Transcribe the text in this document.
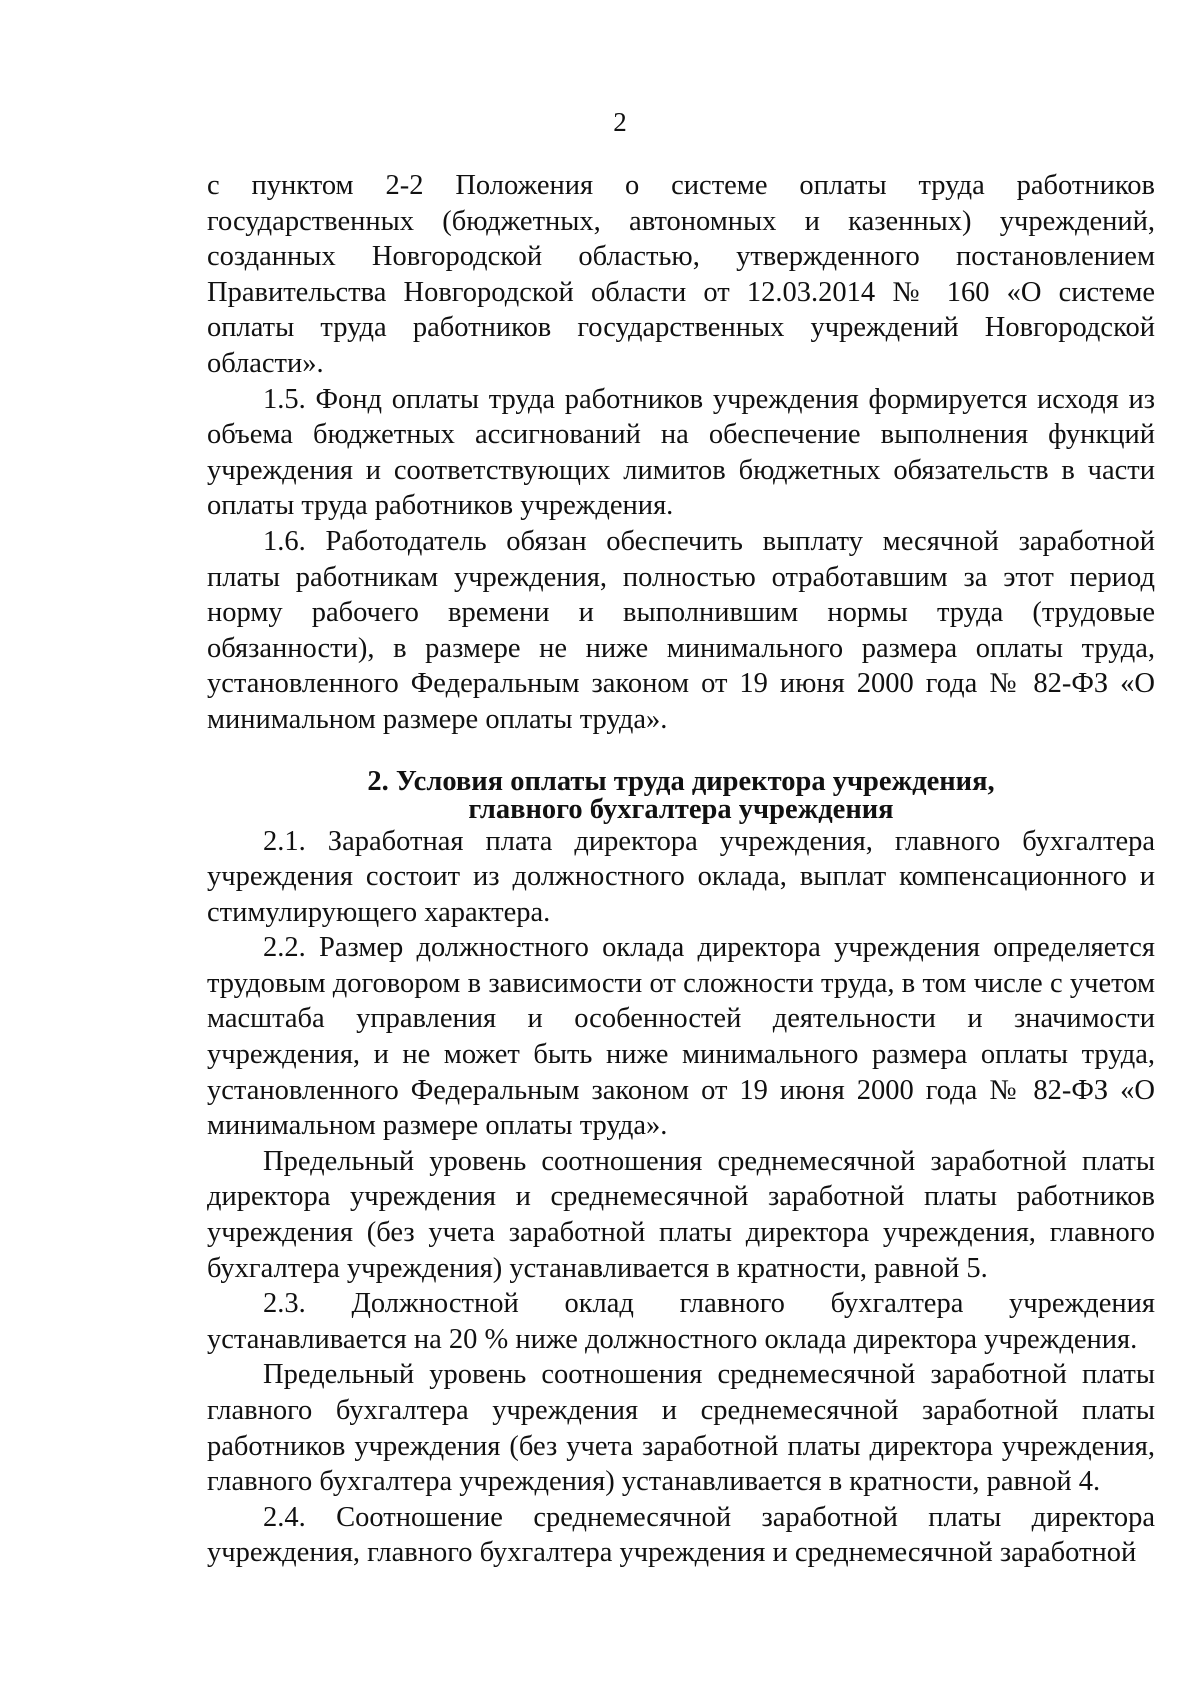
2

с пунктом 2-2 Положения о системе оплаты труда работников государственных (бюджетных, автономных и казенных) учреждений, созданных Новгородской областью, утвержденного постановлением Правительства Новгородской области от 12.03.2014 № 160 «О системе оплаты труда работников государственных учреждений Новгородской области».

1.5. Фонд оплаты труда работников учреждения формируется исходя из объема бюджетных ассигнований на обеспечение выполнения функций учреждения и соответствующих лимитов бюджетных обязательств в части оплаты труда работников учреждения.

1.6. Работодатель обязан обеспечить выплату месячной заработной платы работникам учреждения, полностью отработавшим за этот период норму рабочего времени и выполнившим нормы труда (трудовые обязанности), в размере не ниже минимального размера оплаты труда, установленного Федеральным законом от 19 июня 2000 года № 82-ФЗ «О минимальном размере оплаты труда».

2. Условия оплаты труда директора учреждения,
главного бухгалтера учреждения

2.1. Заработная плата директора учреждения, главного бухгалтера учреждения состоит из должностного оклада, выплат компенсационного и стимулирующего характера.

2.2. Размер должностного оклада директора учреждения определяется трудовым договором в зависимости от сложности труда, в том числе с учетом масштаба управления и особенностей деятельности и значимости учреждения, и не может быть ниже минимального размера оплаты труда, установленного Федеральным законом от 19 июня 2000 года № 82-ФЗ «О минимальном размере оплаты труда».

Предельный уровень соотношения среднемесячной заработной платы директора учреждения и среднемесячной заработной платы работников учреждения (без учета заработной платы директора учреждения, главного бухгалтера учреждения) устанавливается в кратности, равной 5.

2.3. Должностной оклад главного бухгалтера учреждения устанавливается на 20 % ниже должностного оклада директора учреждения.

Предельный уровень соотношения среднемесячной заработной платы главного бухгалтера учреждения и среднемесячной заработной платы работников учреждения (без учета заработной платы директора учреждения, главного бухгалтера учреждения) устанавливается в кратности, равной 4.

2.4. Соотношение среднемесячной заработной платы директора учреждения, главного бухгалтера учреждения и среднемесячной заработной
